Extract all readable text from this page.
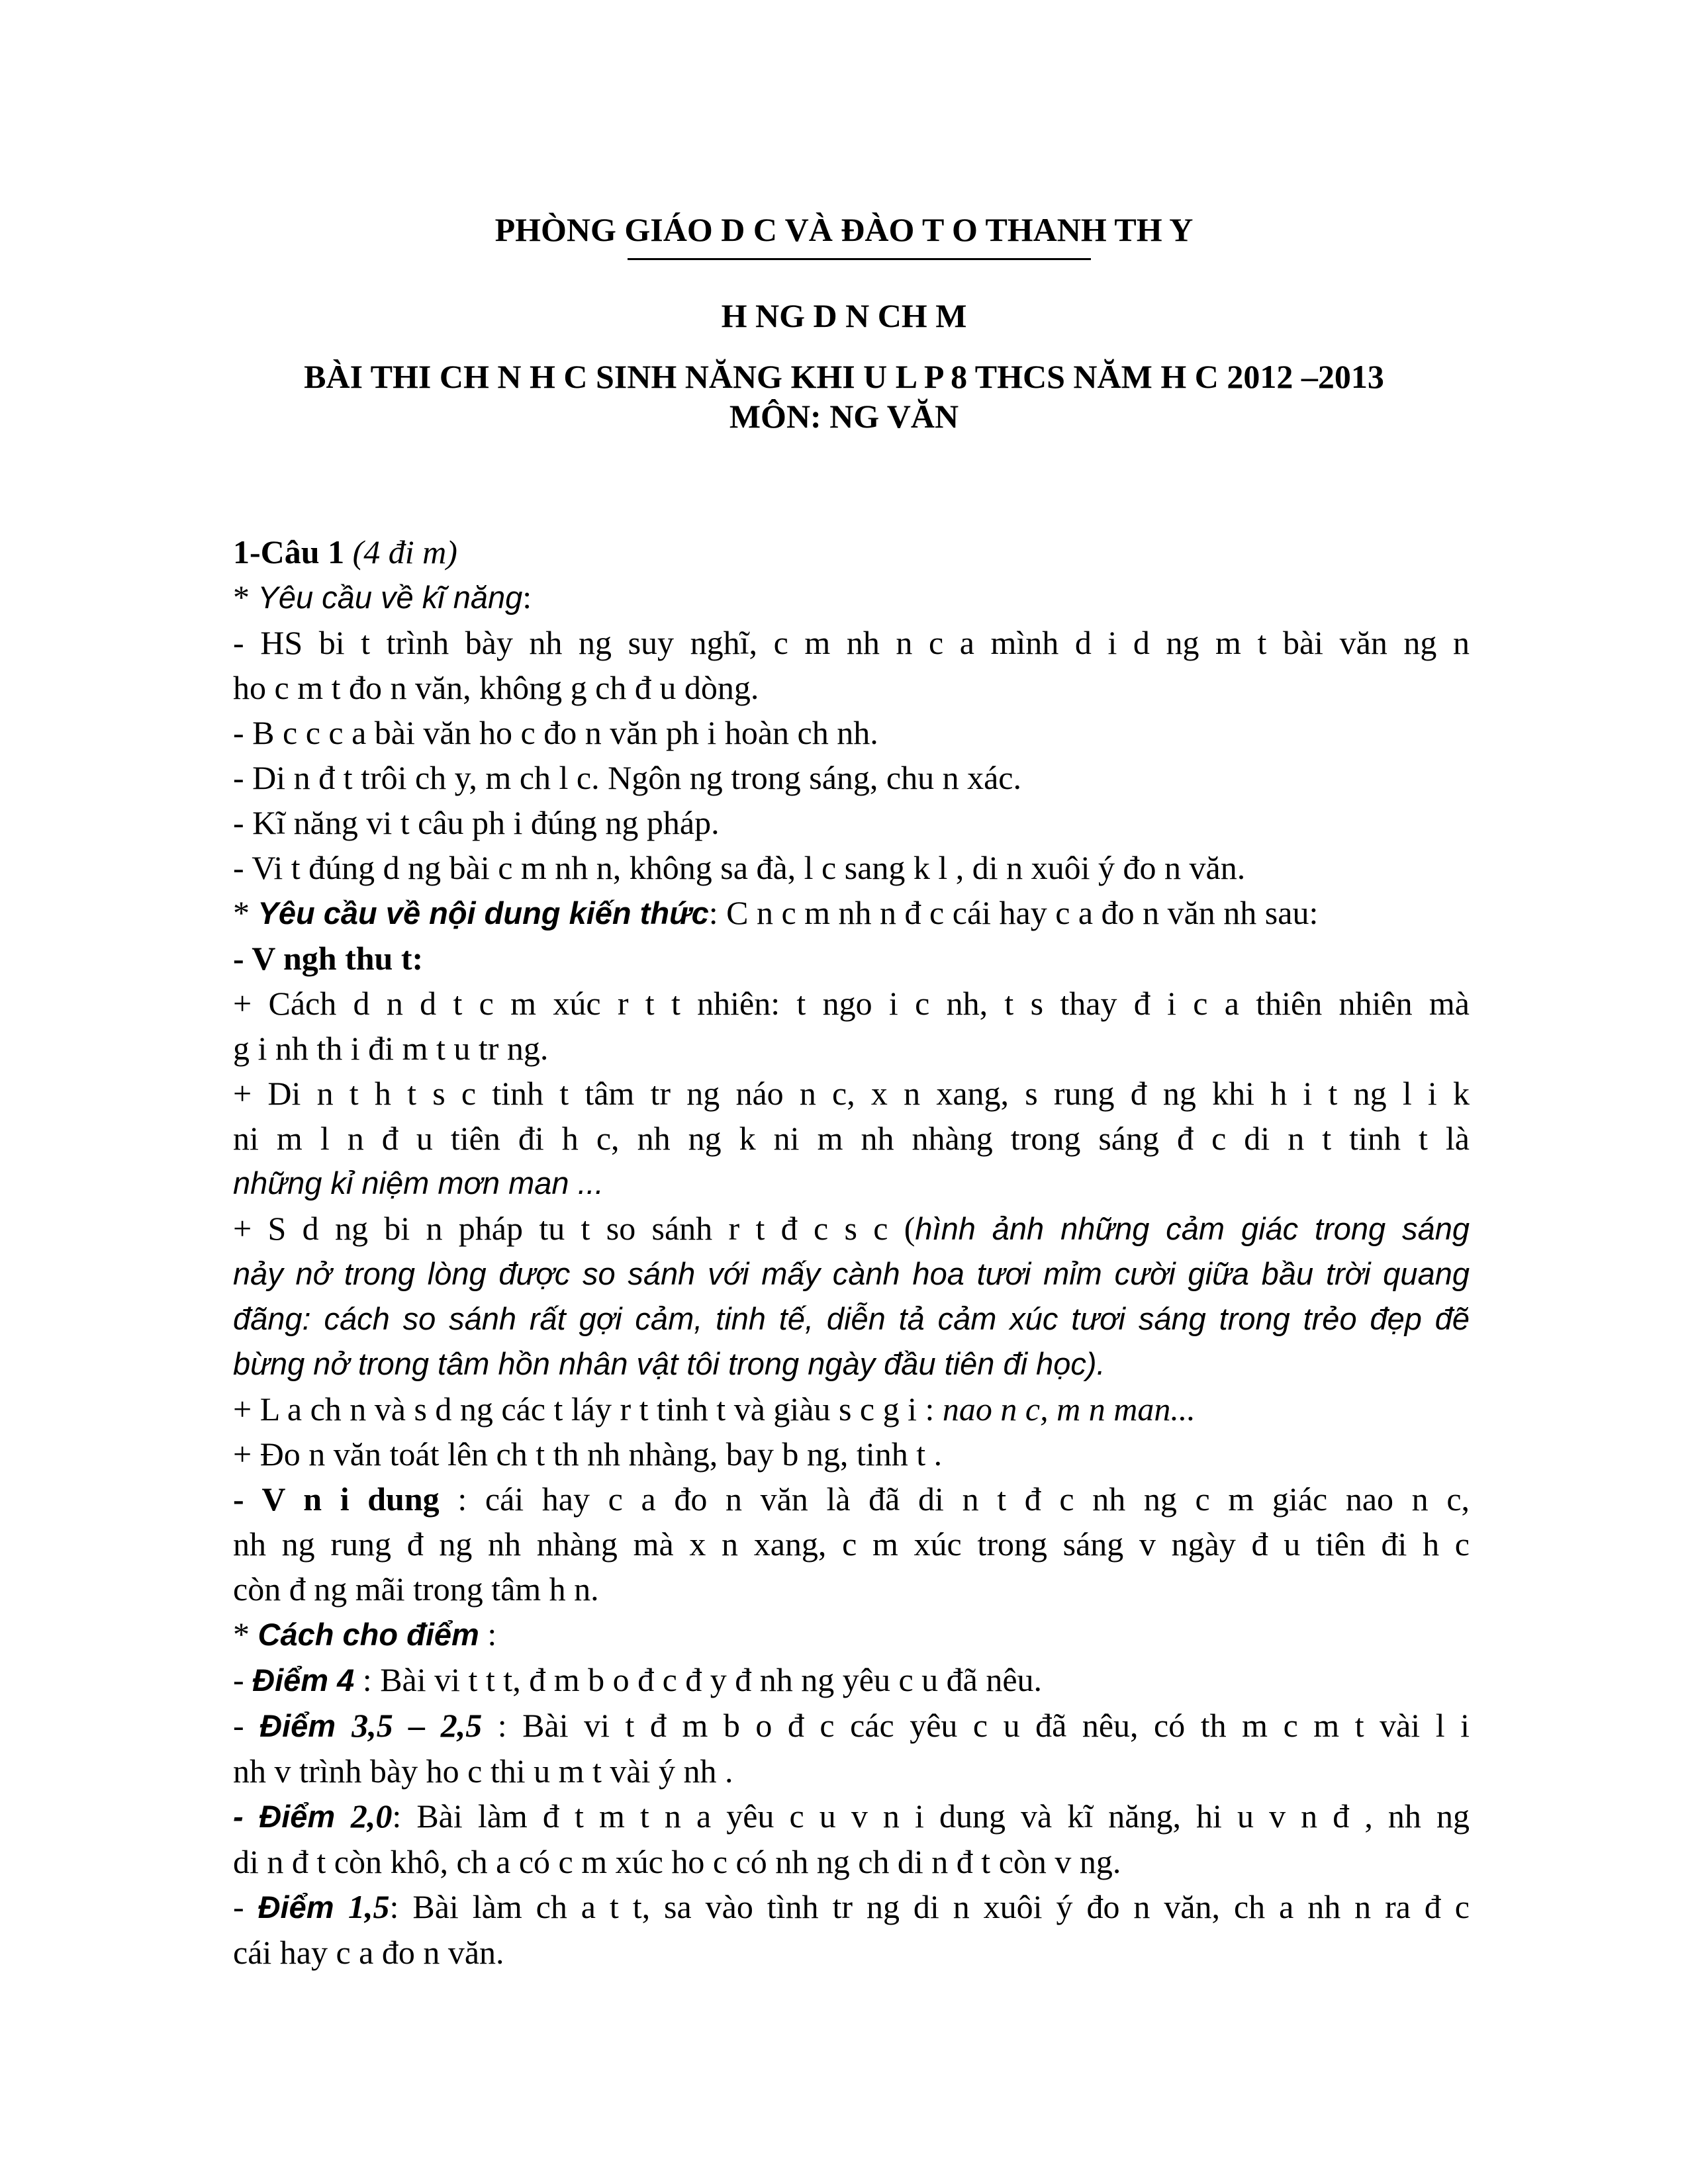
PHÒNG GIÁO D C VÀ ĐÀO T O THANH TH Y
H NG D N CH M
BÀI THI CH N H C SINH NĂNG KHI U L P 8 THCS NĂM H C 2012 –2013
MÔN: NG VĂN
1-Câu 1 (4 đi m)
* Yêu cầu về kĩ năng:
- HS bi t trình bày nh ng suy nghĩ, c m nh n c a mình d i d ng m t bài văn ng n
ho c m t đo n văn, không g ch đ u dòng.
- B c c c a bài văn ho c đo n văn ph i hoàn ch nh.
- Di n đ t trôi ch y, m ch l c. Ngôn ng trong sáng, chu n xác.
- Kĩ năng vi t câu ph i đúng ng pháp.
- Vi t đúng d ng bài c m nh n, không sa đà, l c sang k l , di n xuôi ý đo n văn.
* Yêu cầu về nội dung kiến thức: C n c m nh n đ c cái hay c a đo n văn nh sau:
- V ngh thu t:
+ Cách d n d t c m xúc r t t nhiên: t ngo i c nh, t s thay đ i c a thiên nhiên mà
g i nh th i đi m t u tr ng.
+ Di n t h t s c tinh t tâm tr ng náo n c, x n xang, s rung đ ng khi h i t ng l i k
ni m l n đ u tiên đi h c, nh ng k ni m nh nhàng trong sáng đ c di n t tinh t là
những kỉ niệm mơn man ...
+ S d ng bi n pháp tu t so sánh r t đ c s c (hình ảnh những cảm giác trong sáng
nảy nở trong lòng được so sánh với mấy cành hoa tươi mỉm cười giữa bầu trời quang
đãng: cách so sánh rất gợi cảm, tinh tế, diễn tả cảm xúc tươi sáng trong trẻo đẹp đẽ
bừng nở trong tâm hồn nhân vật tôi trong ngày đầu tiên đi học).
+ L a ch n và s d ng các t láy r t tinh t và giàu s c g i : nao n c, m n man...
+ Đo n văn toát lên ch t th nh nhàng, bay b ng, tinh t .
- V n i dung : cái hay c a đo n văn là đã di n t đ c nh ng c m giác nao n c,
nh ng rung đ ng nh nhàng mà x n xang, c m xúc trong sáng v ngày đ u tiên đi h c
còn đ ng mãi trong tâm h n.
* Cách cho điểm :
- Điểm 4 : Bài vi t t t, đ m b o đ c đ y đ nh ng yêu c u đã nêu.
- Điểm 3,5 – 2,5 : Bài vi t đ m b o đ c các yêu c u đã nêu, có th m c m t vài l i
nh v trình bày ho c thi u m t vài ý nh .
- Điểm 2,0: Bài làm đ t m t n a yêu c u v n i dung và kĩ năng, hi u v n đ , nh ng
di n đ t còn khô, ch a có c m xúc ho c có nh ng ch di n đ t còn v ng.
- Điểm 1,5: Bài làm ch a t t, sa vào tình tr ng di n xuôi ý đo n văn, ch a nh n ra đ c
cái hay c a đo n văn.
